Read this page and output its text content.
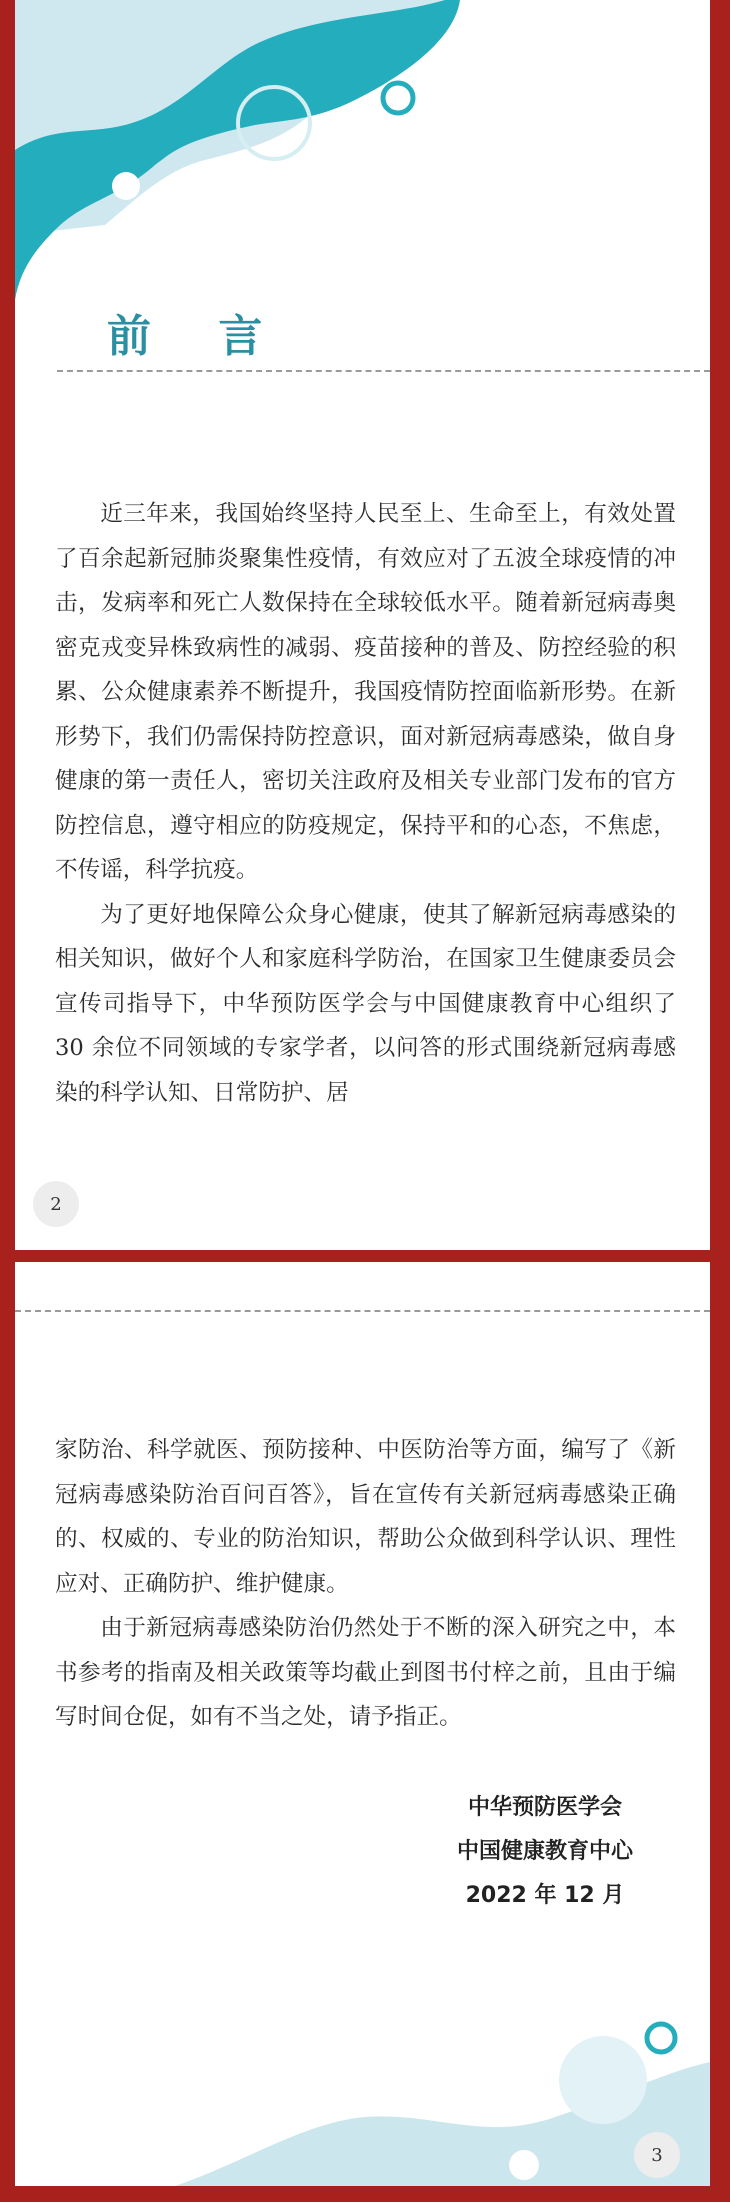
前 言

近三年来，我国始终坚持人民至上、生命至上，有效处置了百余起新冠肺炎聚集性疫情，有效应对了五波全球疫情的冲击，发病率和死亡人数保持在全球较低水平。随着新冠病毒奥密克戎变异株致病性的减弱、疫苗接种的普及、防控经验的积累、公众健康素养不断提升，我国疫情防控面临新形势。在新形势下，我们仍需保持防控意识，面对新冠病毒感染，做自身健康的第一责任人，密切关注政府及相关专业部门发布的官方防控信息，遵守相应的防疫规定，保持平和的心态，不焦虑，不传谣，科学抗疫。

为了更好地保障公众身心健康，使其了解新冠病毒感染的相关知识，做好个人和家庭科学防治，在国家卫生健康委员会宣传司指导下，中华预防医学会与中国健康教育中心组织了 30 余位不同领域的专家学者，以问答的形式围绕新冠病毒感染的科学认知、日常防护、居

2

家防治、科学就医、预防接种、中医防治等方面，编写了《新冠病毒感染防治百问百答》，旨在宣传有关新冠病毒感染正确的、权威的、专业的防治知识，帮助公众做到科学认识、理性应对、正确防护、维护健康。

由于新冠病毒感染防治仍然处于不断的深入研究之中，本书参考的指南及相关政策等均截止到图书付梓之前，且由于编写时间仓促，如有不当之处，请予指正。

中华预防医学会
中国健康教育中心
2022 年 12 月
3
